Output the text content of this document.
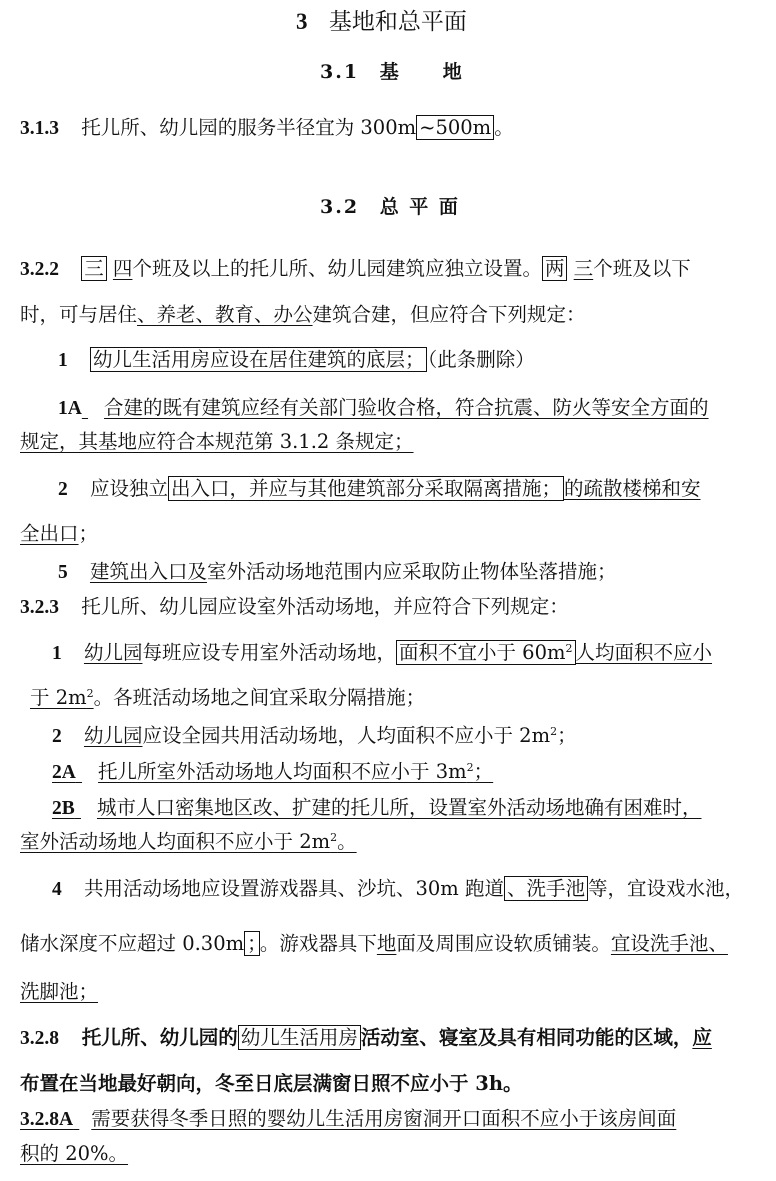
3 基地和总平面
3.1 基　　地
3.1.3 托儿所、幼儿园的服务半径宜为 300m ~500m 。
3.2 总 平 面
3.2.2 三 四个班及以上的托儿所、幼儿园建筑应独立设置。 两 三个班及以下
时，可与居住、养老、教育、办公建筑合建，但应符合下列规定：
1 幼儿生活用房应设在居住建筑的底层； （此条删除）
1A 合建的既有建筑应经有关部门验收合格，符合抗震、防火等安全方面的
规定，其基地应符合本规范第 3.1.2 条规定；
2 应设独立 出入口，并应与其他建筑部分采取隔离措施； 的疏散楼梯和安
全出口；
5 建筑出入口及室外活动场地范围内应采取防止物体坠落措施；
3.2.3 托儿所、幼儿园应设室外活动场地，并应符合下列规定：
1 幼儿园每班应设专用室外活动场地， 面积不宜小于 $60m^2$ 人均面积不应小
于 $2m^2$。各班活动场地之间宜采取分隔措施；
2 幼儿园应设全园共用活动场地，人均面积不应小于 $2m^2$；
2A 托儿所室外活动场地人均面积不应小于 $3m^2$；
2B 城市人口密集地区改、扩建的托儿所，设置室外活动场地确有困难时，
室外活动场地人均面积不应小于 $2m^2$。
4 共用活动场地应设置游戏器具、沙坑、30m 跑道 、洗手池 等，宜设戏水池，
储水深度不应超过 0.30m ； 。游戏器具下地面及周围应设软质铺装。宜设洗手池、
洗脚池；
3.2.8 托儿所、幼儿园的 幼儿生活用房 活动室、寝室及具有相同功能的区域，应
布置在当地最好朝向，冬至日底层满窗日照不应小于 3h。
3.2.8A 需要获得冬季日照的婴幼儿生活用房窗洞开口面积不应小于该房间面
积的 20%。
